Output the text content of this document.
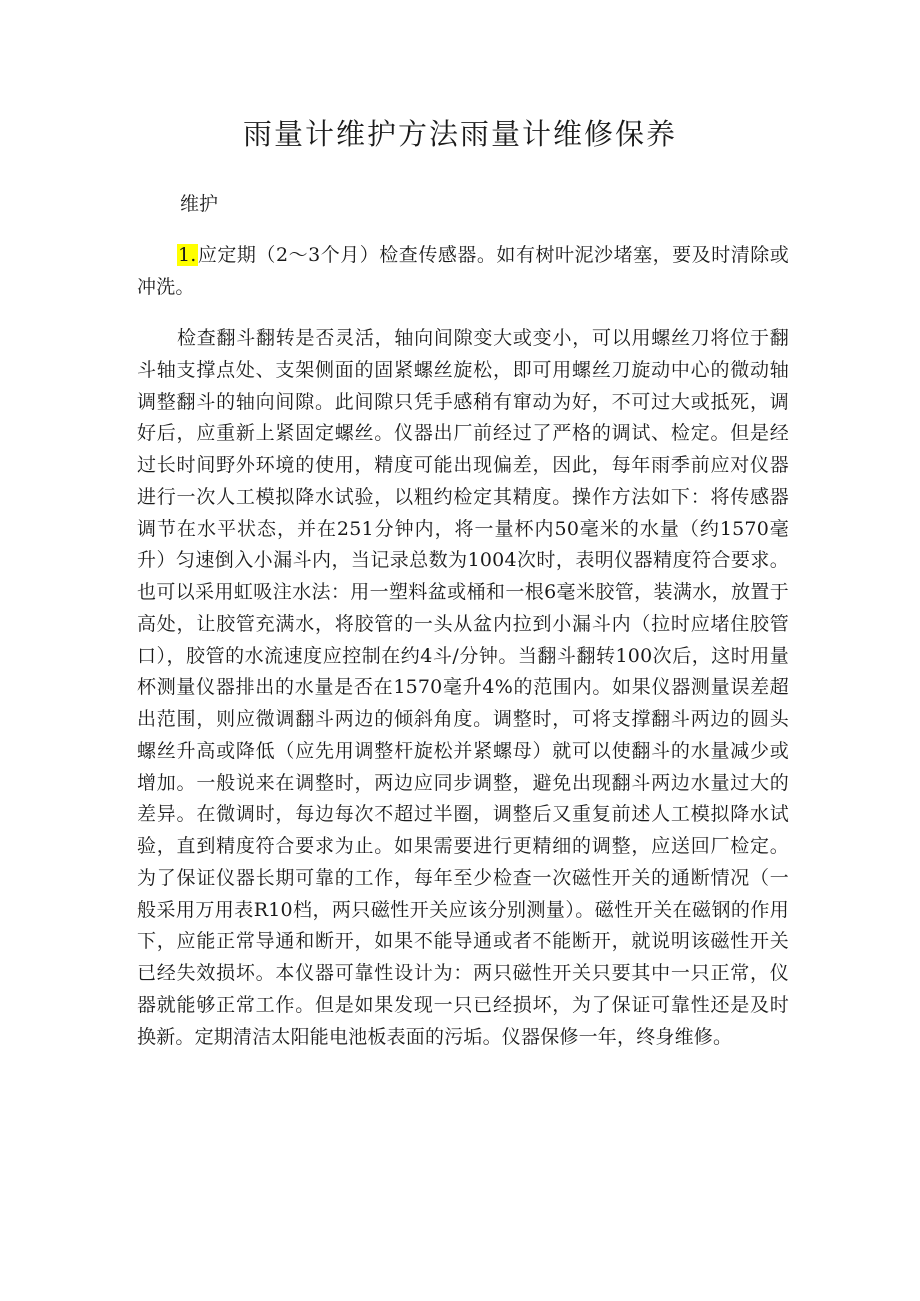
雨量计维护方法雨量计维修保养

维护

1.应定期（2～3个月）检查传感器。如有树叶泥沙堵塞，要及时清除或冲洗。

检查翻斗翻转是否灵活，轴向间隙变大或变小，可以用螺丝刀将位于翻斗轴支撑点处、支架侧面的固紧螺丝旋松，即可用螺丝刀旋动中心的微动轴调整翻斗的轴向间隙。此间隙只凭手感稍有窜动为好，不可过大或抵死，调好后，应重新上紧固定螺丝。仪器出厂前经过了严格的调试、检定。但是经过长时间野外环境的使用，精度可能出现偏差，因此，每年雨季前应对仪器进行一次人工模拟降水试验，以粗约检定其精度。操作方法如下：将传感器调节在水平状态，并在251分钟内，将一量杯内50毫米的水量（约1570毫升）匀速倒入小漏斗内，当记录总数为1004次时，表明仪器精度符合要求。也可以采用虹吸注水法：用一塑料盆或桶和一根6毫米胶管，装满水，放置于高处，让胶管充满水，将胶管的一头从盆内拉到小漏斗内（拉时应堵住胶管口），胶管的水流速度应控制在约4斗/分钟。当翻斗翻转100次后，这时用量杯测量仪器排出的水量是否在1570毫升4%的范围内。如果仪器测量误差超出范围，则应微调翻斗两边的倾斜角度。调整时，可将支撑翻斗两边的圆头螺丝升高或降低（应先用调整杆旋松并紧螺母）就可以使翻斗的水量减少或增加。一般说来在调整时，两边应同步调整，避免出现翻斗两边水量过大的差异。在微调时，每边每次不超过半圈，调整后又重复前述人工模拟降水试验，直到精度符合要求为止。如果需要进行更精细的调整，应送回厂检定。为了保证仪器长期可靠的工作，每年至少检查一次磁性开关的通断情况（一般采用万用表R10档，两只磁性开关应该分别测量）。磁性开关在磁钢的作用下，应能正常导通和断开，如果不能导通或者不能断开，就说明该磁性开关已经失效损坏。本仪器可靠性设计为：两只磁性开关只要其中一只正常，仪器就能够正常工作。但是如果发现一只已经损坏，为了保证可靠性还是及时换新。定期清洁太阳能电池板表面的污垢。仪器保修一年，终身维修。
